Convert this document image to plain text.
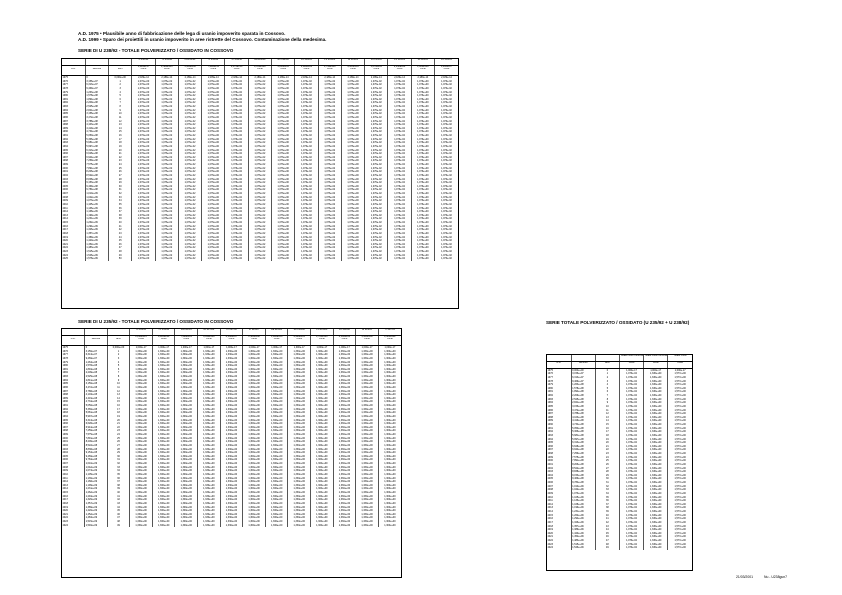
A.D. 1975 • Plausibile anno di fabbricazione delle lega di uranio impoverito sparata in Cossovo.
A.D. 1999 • Sparo dei proiettili in uranio impoverito in aree ristrette del Cossovo. Contaminazione della medesima.
SERIE DI U 238/92 - TOTALE POLVERIZZATO / OSSIDATO IN COSSOVO
			U 238/92	Th 234/90	Pa 234/91	U 234/92	Th 230/90	Ra 226/88	Rn 222/86	Po 218/84	Pb 214/82	Bi 214/83	Po 214/84	Pb 210/82	Bi 210/83	Po 210/84
			1,426e+17	2,580e+06	1,438e+06	7,890e+11	8,176e+10	2,130e+08	4,050e+05	2,118e+06	1,790e+08	9,603e+03	1,070e+05	2,130e+06	1,920e+08	1,200e+07
A.D.	secondi	anni	Curie	Curie	Curie	Curie	Curie	Curie	Curie	Curie	Curie	Curie	Curie	Curie	Curie	Curie
1975	0	0,000e+00	2,189e-14	2,189e-14	2,189e-14	2,189e-14	2,189e-14	2,189e-14	2,189e-14	2,189e-14	2,189e-14	2,189e-14	2,189e-14	2,189e-14	2,189e-14	2,189e-14
1976	3,156e+07	1	1,076e+00	1,076e-02	1,076e-02	1,076e+00	1,076e-02	1,076e-02	1,076e+00	1,076e-02	1,076e-02	1,076e+00	1,076e-02	1,076e-02	1,076e+00	1,076e-02
1977	6,313e+07	2	1,076e+00	1,076e-02	1,076e-02	1,076e+00	1,076e-02	1,076e-02	1,076e+00	1,076e-02	1,076e-02	1,076e+00	1,076e-02	1,076e-02	1,076e+00	1,076e-02
1978	9,469e+07	3	1,076e+00	1,076e-02	1,076e-02	1,076e+00	1,076e-02	1,076e-02	1,076e+00	1,076e-02	1,076e-02	1,076e+00	1,076e-02	1,076e-02	1,076e+00	1,076e-02
1979	1,263e+08	4	1,076e+00	1,076e-02	1,076e-02	1,076e+00	1,076e-02	1,076e-02	1,076e+00	1,076e-02	1,076e-02	1,076e+00	1,076e-02	1,076e-02	1,076e+00	1,076e-02
1980	1,578e+08	5	1,076e+00	1,076e-02	1,076e-02	1,076e+00	1,076e-02	1,076e-02	1,076e+00	1,076e-02	1,076e-02	1,076e+00	1,076e-02	1,076e-02	1,076e+00	1,076e-02
1981	1,894e+08	6	1,076e+00	1,076e-02	1,076e-02	1,076e+00	1,076e-02	1,076e-02	1,076e+00	1,076e-02	1,076e-02	1,076e+00	1,076e-02	1,076e-02	1,076e+00	1,076e-02
1982	2,209e+08	7	1,076e+00	1,076e-02	1,076e-02	1,076e+00	1,076e-02	1,076e-02	1,076e+00	1,076e-02	1,076e-02	1,076e+00	1,076e-02	1,076e-02	1,076e+00	1,076e-02
1983	2,525e+08	8	1,076e+00	1,076e-02	1,076e-02	1,076e+00	1,076e-02	1,076e-02	1,076e+00	1,076e-02	1,076e-02	1,076e+00	1,076e-02	1,076e-02	1,076e+00	1,076e-02
1984	2,841e+08	9	1,076e+00	1,076e-02	1,076e-02	1,076e+00	1,076e-02	1,076e-02	1,076e+00	1,076e-02	1,076e-02	1,076e+00	1,076e-02	1,076e-02	1,076e+00	1,076e-02
1985	3,156e+08	10	1,076e+00	1,076e-02	1,076e-02	1,076e+00	1,076e-02	1,076e-02	1,076e+00	1,076e-02	1,076e-02	1,076e+00	1,076e-02	1,076e-02	1,076e+00	1,076e-02
1986	3,472e+08	11	1,076e+00	1,076e-02	1,076e-02	1,076e+00	1,076e-02	1,076e-02	1,076e+00	1,076e-02	1,076e-02	1,076e+00	1,076e-02	1,076e-02	1,076e+00	1,076e-02
1987	3,788e+08	12	1,076e+00	1,076e-02	1,076e-02	1,076e+00	1,076e-02	1,076e-02	1,076e+00	1,076e-02	1,076e-02	1,076e+00	1,076e-02	1,076e-02	1,076e+00	1,076e-02
1988	4,103e+08	13	1,076e+00	1,076e-02	1,076e-02	1,076e+00	1,076e-02	1,076e-02	1,076e+00	1,076e-02	1,076e-02	1,076e+00	1,076e-02	1,076e-02	1,076e+00	1,076e-02
1989	4,419e+08	14	1,076e+00	1,076e-02	1,076e-02	1,076e+00	1,076e-02	1,076e-02	1,076e+00	1,076e-02	1,076e-02	1,076e+00	1,076e-02	1,076e-02	1,076e+00	1,076e-02
1990	4,734e+08	15	1,076e+00	1,076e-02	1,076e-02	1,076e+00	1,076e-02	1,076e-02	1,076e+00	1,076e-02	1,076e-02	1,076e+00	1,076e-02	1,076e-02	1,076e+00	1,076e-02
1991	5,050e+08	16	1,076e+00	1,076e-02	1,076e-02	1,076e+00	1,076e-02	1,076e-02	1,076e+00	1,076e-02	1,076e-02	1,076e+00	1,076e-02	1,076e-02	1,076e+00	1,076e-02
1992	5,366e+08	17	1,076e+00	1,076e-02	1,076e-02	1,076e+00	1,076e-02	1,076e-02	1,076e+00	1,076e-02	1,076e-02	1,076e+00	1,076e-02	1,076e-02	1,076e+00	1,076e-02
1993	5,681e+08	18	1,076e+00	1,076e-02	1,076e-02	1,076e+00	1,076e-02	1,076e-02	1,076e+00	1,076e-02	1,076e-02	1,076e+00	1,076e-02	1,076e-02	1,076e+00	1,076e-02
1994	5,997e+08	19	1,076e+00	1,076e-02	1,076e-02	1,076e+00	1,076e-02	1,076e-02	1,076e+00	1,076e-02	1,076e-02	1,076e+00	1,076e-02	1,076e-02	1,076e+00	1,076e-02
1995	6,313e+08	20	1,076e+00	1,076e-02	1,076e-02	1,076e+00	1,076e-02	1,076e-02	1,076e+00	1,076e-02	1,076e-02	1,076e+00	1,076e-02	1,076e-02	1,076e+00	1,076e-02
1996	6,628e+08	21	1,076e+00	1,076e-02	1,076e-02	1,076e+00	1,076e-02	1,076e-02	1,076e+00	1,076e-02	1,076e-02	1,076e+00	1,076e-02	1,076e-02	1,076e+00	1,076e-02
1997	6,944e+08	22	1,076e+00	1,076e-02	1,076e-02	1,076e+00	1,076e-02	1,076e-02	1,076e+00	1,076e-02	1,076e-02	1,076e+00	1,076e-02	1,076e-02	1,076e+00	1,076e-02
1998	7,259e+08	23	1,076e+00	1,076e-02	1,076e-02	1,076e+00	1,076e-02	1,076e-02	1,076e+00	1,076e-02	1,076e-02	1,076e+00	1,076e-02	1,076e-02	1,076e+00	1,076e-02
1999	7,575e+08	24	1,076e+00	1,076e-02	1,076e-02	1,076e+00	1,076e-02	1,076e-02	1,076e+00	1,076e-02	1,076e-02	1,076e+00	1,076e-02	1,076e-02	1,076e+00	1,076e-02
2000	7,891e+08	25	1,076e+00	1,076e-02	1,076e-02	1,076e+00	1,076e-02	1,076e-02	1,076e+00	1,076e-02	1,076e-02	1,076e+00	1,076e-02	1,076e-02	1,076e+00	1,076e-02
2001	8,206e+08	26	1,076e+00	1,076e-02	1,076e-02	1,076e+00	1,076e-02	1,076e-02	1,076e+00	1,076e-02	1,076e-02	1,076e+00	1,076e-02	1,076e-02	1,076e+00	1,076e-02
2002	8,522e+08	27	1,076e+00	1,076e-02	1,076e-02	1,076e+00	1,076e-02	1,076e-02	1,076e+00	1,076e-02	1,076e-02	1,076e+00	1,076e-02	1,076e-02	1,076e+00	1,076e-02
2003	8,838e+08	28	1,076e+00	1,076e-02	1,076e-02	1,076e+00	1,076e-02	1,076e-02	1,076e+00	1,076e-02	1,076e-02	1,076e+00	1,076e-02	1,076e-02	1,076e+00	1,076e-02
2004	9,153e+08	29	1,076e+00	1,076e-02	1,076e-02	1,076e+00	1,076e-02	1,076e-02	1,076e+00	1,076e-02	1,076e-02	1,076e+00	1,076e-02	1,076e-02	1,076e+00	1,076e-02
2005	9,469e+08	30	1,076e+00	1,076e-02	1,076e-02	1,076e+00	1,076e-02	1,076e-02	1,076e+00	1,076e-02	1,076e-02	1,076e+00	1,076e-02	1,076e-02	1,076e+00	1,076e-02
2006	9,784e+08	31	1,076e+00	1,076e-02	1,076e-02	1,076e+00	1,076e-02	1,076e-02	1,076e+00	1,076e-02	1,076e-02	1,076e+00	1,076e-02	1,076e-02	1,076e+00	1,076e-02
2007	1,010e+09	32	1,076e+00	1,076e-02	1,076e-02	1,076e+00	1,076e-02	1,076e-02	1,076e+00	1,076e-02	1,076e-02	1,076e+00	1,076e-02	1,076e-02	1,076e+00	1,076e-02
2008	1,042e+09	33	1,076e+00	1,076e-02	1,076e-02	1,076e+00	1,076e-02	1,076e-02	1,076e+00	1,076e-02	1,076e-02	1,076e+00	1,076e-02	1,076e-02	1,076e+00	1,076e-02
2009	1,073e+09	34	1,076e+00	1,076e-02	1,076e-02	1,076e+00	1,076e-02	1,076e-02	1,076e+00	1,076e-02	1,076e-02	1,076e+00	1,076e-02	1,076e-02	1,076e+00	1,076e-02
2010	1,105e+09	35	1,076e+00	1,076e-02	1,076e-02	1,076e+00	1,076e-02	1,076e-02	1,076e+00	1,076e-02	1,076e-02	1,076e+00	1,076e-02	1,076e-02	1,076e+00	1,076e-02
2011	1,136e+09	36	1,076e+00	1,076e-02	1,076e-02	1,076e+00	1,076e-02	1,076e-02	1,076e+00	1,076e-02	1,076e-02	1,076e+00	1,076e-02	1,076e-02	1,076e+00	1,076e-02
2012	1,168e+09	37	1,076e+00	1,076e-02	1,076e-02	1,076e+00	1,076e-02	1,076e-02	1,076e+00	1,076e-02	1,076e-02	1,076e+00	1,076e-02	1,076e-02	1,076e+00	1,076e-02
2013	1,199e+09	38	1,076e+00	1,076e-02	1,076e-02	1,076e+00	1,076e-02	1,076e-02	1,076e+00	1,076e-02	1,076e-02	1,076e+00	1,076e-02	1,076e-02	1,076e+00	1,076e-02
2014	1,231e+09	39	1,076e+00	1,076e-02	1,076e-02	1,076e+00	1,076e-02	1,076e-02	1,076e+00	1,076e-02	1,076e-02	1,076e+00	1,076e-02	1,076e-02	1,076e+00	1,076e-02
2015	1,262e+09	40	1,076e+00	1,076e-02	1,076e-02	1,076e+00	1,076e-02	1,076e-02	1,076e+00	1,076e-02	1,076e-02	1,076e+00	1,076e-02	1,076e-02	1,076e+00	1,076e-02
2016	1,294e+09	41	1,076e+00	1,076e-02	1,076e-02	1,076e+00	1,076e-02	1,076e-02	1,076e+00	1,076e-02	1,076e-02	1,076e+00	1,076e-02	1,076e-02	1,076e+00	1,076e-02
2017	1,326e+09	42	1,076e+00	1,076e-02	1,076e-02	1,076e+00	1,076e-02	1,076e-02	1,076e+00	1,076e-02	1,076e-02	1,076e+00	1,076e-02	1,076e-02	1,076e+00	1,076e-02
2018	1,357e+09	43	1,076e+00	1,076e-02	1,076e-02	1,076e+00	1,076e-02	1,076e-02	1,076e+00	1,076e-02	1,076e-02	1,076e+00	1,076e-02	1,076e-02	1,076e+00	1,076e-02
2019	1,389e+09	44	1,076e+00	1,076e-02	1,076e-02	1,076e+00	1,076e-02	1,076e-02	1,076e+00	1,076e-02	1,076e-02	1,076e+00	1,076e-02	1,076e-02	1,076e+00	1,076e-02
2020	1,420e+09	45	1,076e+00	1,076e-02	1,076e-02	1,076e+00	1,076e-02	1,076e-02	1,076e+00	1,076e-02	1,076e-02	1,076e+00	1,076e-02	1,076e-02	1,076e+00	1,076e-02
2021	1,452e+09	46	1,076e+00	1,076e-02	1,076e-02	1,076e+00	1,076e-02	1,076e-02	1,076e+00	1,076e-02	1,076e-02	1,076e+00	1,076e-02	1,076e-02	1,076e+00	1,076e-02
2022	1,483e+09	47	1,076e+00	1,076e-02	1,076e-02	1,076e+00	1,076e-02	1,076e-02	1,076e+00	1,076e-02	1,076e-02	1,076e+00	1,076e-02	1,076e-02	1,076e+00	1,076e-02
2023	1,515e+09	48	1,076e+00	1,076e-02	1,076e-02	1,076e+00	1,076e-02	1,076e-02	1,076e+00	1,076e-02	1,076e-02	1,076e+00	1,076e-02	1,076e-02	1,076e+00	1,076e-02
2024	1,546e+09	49	1,076e+00	1,076e-02	1,076e-02	1,076e+00	1,076e-02	1,076e-02	1,076e+00	1,076e-02	1,076e-02	1,076e+00	1,076e-02	1,076e-02	1,076e+00	1,076e-02
2025	1,578e+09	50	1,076e+00	1,076e-02	1,076e-02	1,076e+00	1,076e-02	1,076e-02	1,076e+00	1,076e-02	1,076e-02	1,076e+00	1,076e-02	1,076e-02	1,076e+00	1,076e-02
SERIE DI U 235/92 - TOTALE POLVERIZZATO / OSSIDATO IN COSSOVO
			U 235/92	Th 231/90	Pa 231/91	Ac 227/89	Th 227/90	Fr 223/87	Ra 223/88	Rn 219/86	Po 215/84	Pb 211/82	Bi 211/83	Tl 207/81
			2,220e+15	9,120e+04	7,380e+12	6,990e+08	8,180e+07	2,180e+08	1,900e+06	9,990e+05	1,780e+03	2,160e+03	1,920e+02	2,980e+02
A.D.	secondi	anni	Curie	Curie	Curie	Curie	Curie	Curie	Curie	Curie	Curie	Curie	Curie	Curie
1975	0	0,000e+00	1,000e-17	1,000e-17	1,000e-17	1,000e-17	1,000e-17	1,000e-17	1,000e-17	1,000e-17	1,000e-17	1,000e-17	1,000e-17	1,000e-17
1976	3,156e+07	1	1,330e+00	1,330e+00	1,300e+00	1,330e+00	1,330e+00	1,300e+00	1,330e+00	1,330e+00	1,300e+00	1,330e+00	1,330e+00	1,300e+00
1977	6,313e+07	2	1,330e+00	1,330e+00	1,300e+00	1,330e+00	1,330e+00	1,300e+00	1,330e+00	1,330e+00	1,300e+00	1,330e+00	1,330e+00	1,300e+00
1978	9,469e+07	3	1,330e+00	1,330e+00	1,300e+00	1,330e+00	1,330e+00	1,300e+00	1,330e+00	1,330e+00	1,300e+00	1,330e+00	1,330e+00	1,300e+00
1979	1,263e+08	4	1,330e+00	1,330e+00	1,300e+00	1,330e+00	1,330e+00	1,300e+00	1,330e+00	1,330e+00	1,300e+00	1,330e+00	1,330e+00	1,300e+00
1980	1,578e+08	5	1,330e+00	1,330e+00	1,300e+00	1,330e+00	1,330e+00	1,300e+00	1,330e+00	1,330e+00	1,300e+00	1,330e+00	1,330e+00	1,300e+00
1981	1,894e+08	6	1,330e+00	1,330e+00	1,300e+00	1,330e+00	1,330e+00	1,300e+00	1,330e+00	1,330e+00	1,300e+00	1,330e+00	1,330e+00	1,300e+00
1982	2,209e+08	7	1,330e+00	1,330e+00	1,300e+00	1,330e+00	1,330e+00	1,300e+00	1,330e+00	1,330e+00	1,300e+00	1,330e+00	1,330e+00	1,300e+00
1983	2,525e+08	8	1,330e+00	1,330e+00	1,300e+00	1,330e+00	1,330e+00	1,300e+00	1,330e+00	1,330e+00	1,300e+00	1,330e+00	1,330e+00	1,300e+00
1984	2,841e+08	9	1,330e+00	1,330e+00	1,300e+00	1,330e+00	1,330e+00	1,300e+00	1,330e+00	1,330e+00	1,300e+00	1,330e+00	1,330e+00	1,300e+00
1985	3,156e+08	10	1,330e+00	1,330e+00	1,300e+00	1,330e+00	1,330e+00	1,300e+00	1,330e+00	1,330e+00	1,300e+00	1,330e+00	1,330e+00	1,300e+00
1986	3,472e+08	11	1,330e+00	1,330e+00	1,300e+00	1,330e+00	1,330e+00	1,300e+00	1,330e+00	1,330e+00	1,300e+00	1,330e+00	1,330e+00	1,300e+00
1987	3,788e+08	12	1,330e+00	1,330e+00	1,300e+00	1,330e+00	1,330e+00	1,300e+00	1,330e+00	1,330e+00	1,300e+00	1,330e+00	1,330e+00	1,300e+00
1988	4,103e+08	13	1,330e+00	1,330e+00	1,300e+00	1,330e+00	1,330e+00	1,300e+00	1,330e+00	1,330e+00	1,300e+00	1,330e+00	1,330e+00	1,300e+00
1989	4,419e+08	14	1,330e+00	1,330e+00	1,300e+00	1,330e+00	1,330e+00	1,300e+00	1,330e+00	1,330e+00	1,300e+00	1,330e+00	1,330e+00	1,300e+00
1990	4,734e+08	15	1,330e+00	1,330e+00	1,300e+00	1,330e+00	1,330e+00	1,300e+00	1,330e+00	1,330e+00	1,300e+00	1,330e+00	1,330e+00	1,300e+00
1991	5,050e+08	16	1,330e+00	1,330e+00	1,300e+00	1,330e+00	1,330e+00	1,300e+00	1,330e+00	1,330e+00	1,300e+00	1,330e+00	1,330e+00	1,300e+00
1992	5,366e+08	17	1,330e+00	1,330e+00	1,300e+00	1,330e+00	1,330e+00	1,300e+00	1,330e+00	1,330e+00	1,300e+00	1,330e+00	1,330e+00	1,300e+00
1993	5,681e+08	18	1,330e+00	1,330e+00	1,300e+00	1,330e+00	1,330e+00	1,300e+00	1,330e+00	1,330e+00	1,300e+00	1,330e+00	1,330e+00	1,300e+00
1994	5,997e+08	19	1,330e+00	1,330e+00	1,300e+00	1,330e+00	1,330e+00	1,300e+00	1,330e+00	1,330e+00	1,300e+00	1,330e+00	1,330e+00	1,300e+00
1995	6,313e+08	20	1,330e+00	1,330e+00	1,300e+00	1,330e+00	1,330e+00	1,300e+00	1,330e+00	1,330e+00	1,300e+00	1,330e+00	1,330e+00	1,300e+00
1996	6,628e+08	21	1,330e+00	1,330e+00	1,300e+00	1,330e+00	1,330e+00	1,300e+00	1,330e+00	1,330e+00	1,300e+00	1,330e+00	1,330e+00	1,300e+00
1997	6,944e+08	22	1,330e+00	1,330e+00	1,300e+00	1,330e+00	1,330e+00	1,300e+00	1,330e+00	1,330e+00	1,300e+00	1,330e+00	1,330e+00	1,300e+00
1998	7,259e+08	23	1,330e+00	1,330e+00	1,300e+00	1,330e+00	1,330e+00	1,300e+00	1,330e+00	1,330e+00	1,300e+00	1,330e+00	1,330e+00	1,300e+00
1999	7,575e+08	24	1,330e+00	1,330e+00	1,300e+00	1,330e+00	1,330e+00	1,300e+00	1,330e+00	1,330e+00	1,300e+00	1,330e+00	1,330e+00	1,300e+00
2000	7,891e+08	25	1,330e+00	1,330e+00	1,300e+00	1,330e+00	1,330e+00	1,300e+00	1,330e+00	1,330e+00	1,300e+00	1,330e+00	1,330e+00	1,300e+00
2001	8,206e+08	26	1,330e+00	1,330e+00	1,300e+00	1,330e+00	1,330e+00	1,300e+00	1,330e+00	1,330e+00	1,300e+00	1,330e+00	1,330e+00	1,300e+00
2002	8,522e+08	27	1,330e+00	1,330e+00	1,300e+00	1,330e+00	1,330e+00	1,300e+00	1,330e+00	1,330e+00	1,300e+00	1,330e+00	1,330e+00	1,300e+00
2003	8,838e+08	28	1,330e+00	1,330e+00	1,300e+00	1,330e+00	1,330e+00	1,300e+00	1,330e+00	1,330e+00	1,300e+00	1,330e+00	1,330e+00	1,300e+00
2004	9,153e+08	29	1,330e+00	1,330e+00	1,300e+00	1,330e+00	1,330e+00	1,300e+00	1,330e+00	1,330e+00	1,300e+00	1,330e+00	1,330e+00	1,300e+00
2005	9,469e+08	30	1,330e+00	1,330e+00	1,300e+00	1,330e+00	1,330e+00	1,300e+00	1,330e+00	1,330e+00	1,300e+00	1,330e+00	1,330e+00	1,300e+00
2006	9,784e+08	31	1,330e+00	1,330e+00	1,300e+00	1,330e+00	1,330e+00	1,300e+00	1,330e+00	1,330e+00	1,300e+00	1,330e+00	1,330e+00	1,300e+00
2007	1,010e+09	32	1,330e+00	1,330e+00	1,300e+00	1,330e+00	1,330e+00	1,300e+00	1,330e+00	1,330e+00	1,300e+00	1,330e+00	1,330e+00	1,300e+00
2008	1,042e+09	33	1,330e+00	1,330e+00	1,300e+00	1,330e+00	1,330e+00	1,300e+00	1,330e+00	1,330e+00	1,300e+00	1,330e+00	1,330e+00	1,300e+00
2009	1,073e+09	34	1,330e+00	1,330e+00	1,300e+00	1,330e+00	1,330e+00	1,300e+00	1,330e+00	1,330e+00	1,300e+00	1,330e+00	1,330e+00	1,300e+00
2010	1,105e+09	35	1,330e+00	1,330e+00	1,300e+00	1,330e+00	1,330e+00	1,300e+00	1,330e+00	1,330e+00	1,300e+00	1,330e+00	1,330e+00	1,300e+00
2011	1,136e+09	36	1,330e+00	1,330e+00	1,300e+00	1,330e+00	1,330e+00	1,300e+00	1,330e+00	1,330e+00	1,300e+00	1,330e+00	1,330e+00	1,300e+00
2012	1,168e+09	37	1,330e+00	1,330e+00	1,300e+00	1,330e+00	1,330e+00	1,300e+00	1,330e+00	1,330e+00	1,300e+00	1,330e+00	1,330e+00	1,300e+00
2013	1,199e+09	38	1,330e+00	1,330e+00	1,300e+00	1,330e+00	1,330e+00	1,300e+00	1,330e+00	1,330e+00	1,300e+00	1,330e+00	1,330e+00	1,300e+00
2014	1,231e+09	39	1,330e+00	1,330e+00	1,300e+00	1,330e+00	1,330e+00	1,300e+00	1,330e+00	1,330e+00	1,300e+00	1,330e+00	1,330e+00	1,300e+00
2015	1,262e+09	40	1,330e+00	1,330e+00	1,300e+00	1,330e+00	1,330e+00	1,300e+00	1,330e+00	1,330e+00	1,300e+00	1,330e+00	1,330e+00	1,300e+00
2016	1,294e+09	41	1,330e+00	1,330e+00	1,300e+00	1,330e+00	1,330e+00	1,300e+00	1,330e+00	1,330e+00	1,300e+00	1,330e+00	1,330e+00	1,300e+00
2017	1,326e+09	42	1,330e+00	1,330e+00	1,300e+00	1,330e+00	1,330e+00	1,300e+00	1,330e+00	1,330e+00	1,300e+00	1,330e+00	1,330e+00	1,300e+00
2018	1,357e+09	43	1,330e+00	1,330e+00	1,300e+00	1,330e+00	1,330e+00	1,300e+00	1,330e+00	1,330e+00	1,300e+00	1,330e+00	1,330e+00	1,300e+00
2019	1,389e+09	44	1,330e+00	1,330e+00	1,300e+00	1,330e+00	1,330e+00	1,300e+00	1,330e+00	1,330e+00	1,300e+00	1,330e+00	1,330e+00	1,300e+00
2020	1,420e+09	45	1,330e+00	1,330e+00	1,300e+00	1,330e+00	1,330e+00	1,300e+00	1,330e+00	1,330e+00	1,300e+00	1,330e+00	1,330e+00	1,300e+00
2021	1,452e+09	46	1,330e+00	1,330e+00	1,300e+00	1,330e+00	1,330e+00	1,300e+00	1,330e+00	1,330e+00	1,300e+00	1,330e+00	1,330e+00	1,300e+00
2022	1,483e+09	47	1,330e+00	1,330e+00	1,300e+00	1,330e+00	1,330e+00	1,300e+00	1,330e+00	1,330e+00	1,300e+00	1,330e+00	1,330e+00	1,300e+00
2023	1,515e+09	48	1,330e+00	1,330e+00	1,300e+00	1,330e+00	1,330e+00	1,300e+00	1,330e+00	1,330e+00	1,300e+00	1,330e+00	1,330e+00	1,300e+00
2024	1,546e+09	49	1,330e+00	1,330e+00	1,300e+00	1,330e+00	1,330e+00	1,300e+00	1,330e+00	1,330e+00	1,300e+00	1,330e+00	1,330e+00	1,300e+00
SERIE TOTALE POLVERIZZATO / OSSIDATO (U 235/92 + U 238/92)
			Totale mutui U238/92	Totale mutui U235/92	Totale mutui
A.D.	secondi	anni	Curie	Curie	Curie
1975	0,000e+00	0	1,000e-17	1,000e-17	1,000e-17
1976	3,156e+07	1	1,076e-02	1,330e+00	1,577e+00
1977	6,313e+07	2	1,076e-02	1,330e+00	1,577e+00
1978	9,469e+07	3	1,076e-02	1,330e+00	1,577e+00
1979	1,263e+08	4	1,076e-02	1,330e+00	1,577e+00
1980	1,578e+08	5	1,076e-02	1,330e+00	1,577e+00
1981	1,894e+08	6	1,076e-02	1,330e+00	1,577e+00
1982	2,209e+08	7	1,076e-02	1,330e+00	1,577e+00
1983	2,525e+08	8	1,076e-02	1,330e+00	1,577e+00
1984	2,841e+08	9	1,076e-02	1,330e+00	1,577e+00
1985	3,156e+08	10	1,076e-02	1,330e+00	1,577e+00
1986	3,472e+08	11	1,076e-02	1,330e+00	1,577e+00
1987	3,788e+08	12	1,076e-02	1,330e+00	1,577e+00
1988	4,103e+08	13	1,076e-02	1,330e+00	1,577e+00
1989	4,419e+08	14	1,076e-02	1,330e+00	1,577e+00
1990	4,734e+08	15	1,076e-02	1,330e+00	1,577e+00
1991	5,050e+08	16	1,076e-02	1,330e+00	1,577e+00
1992	5,366e+08	17	1,076e-02	1,330e+00	1,577e+00
1993	5,681e+08	18	1,076e-02	1,330e+00	1,577e+00
1994	5,997e+08	19	1,076e-02	1,330e+00	1,577e+00
1995	6,313e+08	20	1,076e-02	1,330e+00	1,577e+00
1996	6,628e+08	21	1,076e-02	1,330e+00	1,577e+00
1997	6,944e+08	22	1,076e-02	1,330e+00	1,577e+00
1998	7,259e+08	23	1,076e-02	1,330e+00	1,577e+00
1999	7,575e+08	24	1,076e-02	1,330e+00	1,577e+00
2000	7,891e+08	25	1,076e-02	1,330e+00	1,577e+00
2001	8,206e+08	26	1,076e-02	1,330e+00	1,577e+00
2002	8,522e+08	27	1,076e-02	1,330e+00	1,577e+00
2003	8,838e+08	28	1,076e-02	1,330e+00	1,577e+00
2004	9,153e+08	29	1,076e-02	1,330e+00	1,577e+00
2005	9,469e+08	30	1,076e-02	1,330e+00	1,577e+00
2006	9,784e+08	31	1,076e-02	1,330e+00	1,577e+00
2007	1,010e+09	32	1,076e-02	1,330e+00	1,577e+00
2008	1,042e+09	33	1,076e-02	1,330e+00	1,577e+00
2009	1,073e+09	34	1,076e-02	1,330e+00	1,577e+00
2010	1,105e+09	35	1,076e-02	1,330e+00	1,577e+00
2011	1,136e+09	36	1,076e-02	1,330e+00	1,577e+00
2012	1,168e+09	37	1,076e-02	1,330e+00	1,577e+00
2013	1,199e+09	38	1,076e-02	1,330e+00	1,577e+00
2014	1,231e+09	39	1,076e-02	1,330e+00	1,577e+00
2015	1,262e+09	40	1,076e-02	1,330e+00	1,577e+00
2016	1,294e+09	41	1,076e-02	1,330e+00	1,577e+00
2017	1,326e+09	42	1,076e-02	1,330e+00	1,577e+00
2018	1,357e+09	43	1,076e-02	1,330e+00	1,577e+00
2019	1,389e+09	44	1,076e-02	1,330e+00	1,577e+00
2020	1,420e+09	45	1,076e-02	1,330e+00	1,577e+00
2021	1,452e+09	46	1,076e-02	1,330e+00	1,577e+00
2022	1,483e+09	47	1,076e-02	1,330e+00	1,577e+00
2023	1,515e+09	48	1,076e-02	1,330e+00	1,577e+00
2024	1,546e+09	49	1,076e-02	1,330e+00	1,577e+00
21/03/2001	Nu - U238gun7
